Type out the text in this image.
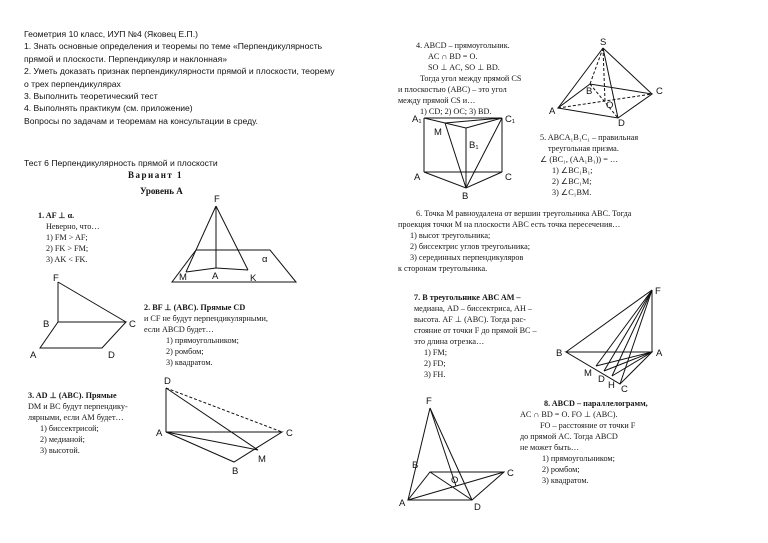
Геометрия 10 класс, ИУП №4 (Яковец Е.П.)
1. Знать основные определения и теоремы по теме «Перпендикулярность
прямой и плоскости. Перпендикуляр и наклонная»
2. Уметь доказать признак перпендикулярности прямой и плоскости, теорему
о трех перпендикулярах
3. Выполнить теоретический тест
4. Выполнять практикум (см. приложение)
Вопросы по задачам и теоремам на консультации в среду.
Тест 6 Перпендикулярность прямой и плоскости
Вариант 1
Уровень А
1. AF ⊥ α.
Неверно, что…
1) FM > AF;
2) FK > FM;
3) AK < FK.
2. BF ⊥ (ABC). Прямые CD
и CF не будут перпендикулярными,
если ABCD будет…
1) прямоугольником;
2) ромбом;
3) квадратом.
3. AD ⊥ (ABC). Прямые
DM и BC будут перпендику-
лярными, если AM будет…
1) биссектрисой;
2) медианой;
3) высотой.
4. ABCD – прямоугольник.
AC ∩ BD = O.
SO ⊥ AC, SO ⊥ BD.
Тогда угол между прямой CS
и плоскостью (ABC) – это угол
между прямой CS и…
1) CD; 2) OC; 3) BD.
5. ABCA₁B₁C₁ – правильная
треугольная призма.
∠ (BC₁, (AA₁B₁)) = …
1) ∠BC₁B₁;
2) ∠BC₁M;
3) ∠C₁BM.
6. Точка M равноудалена от вершин треугольника ABC. Тогда
проекция точки M на плоскости ABC есть точка пересечения…
1) высот треугольника;
2) биссектрис углов треугольника;
3) серединных перпендикуляров
к сторонам треугольника.
7. В треугольнике ABC AM –
медиана, AD – биссектриса, AH –
высота. AF ⊥ (ABC). Тогда рас-
стояние от точки F до прямой BC –
это длина отрезка…
1) FM;
2) FD;
3) FH.
8. ABCD – параллелограмм,
AC ∩ BD = O. FO ⊥ (ABC).
FO – расстояние от точки F
до прямой AC. Тогда ABCD
не может быть…
1) прямоугольником;
2) ромбом;
3) квадратом.
F
M	A	K
α
F
B	C
A	D
D
A	C
M
B
S
B	C
O
A
D
A₁	C₁
M
B₁
A	C
B
F
B	A
M
D
H C
F
B
C
O
A	D
